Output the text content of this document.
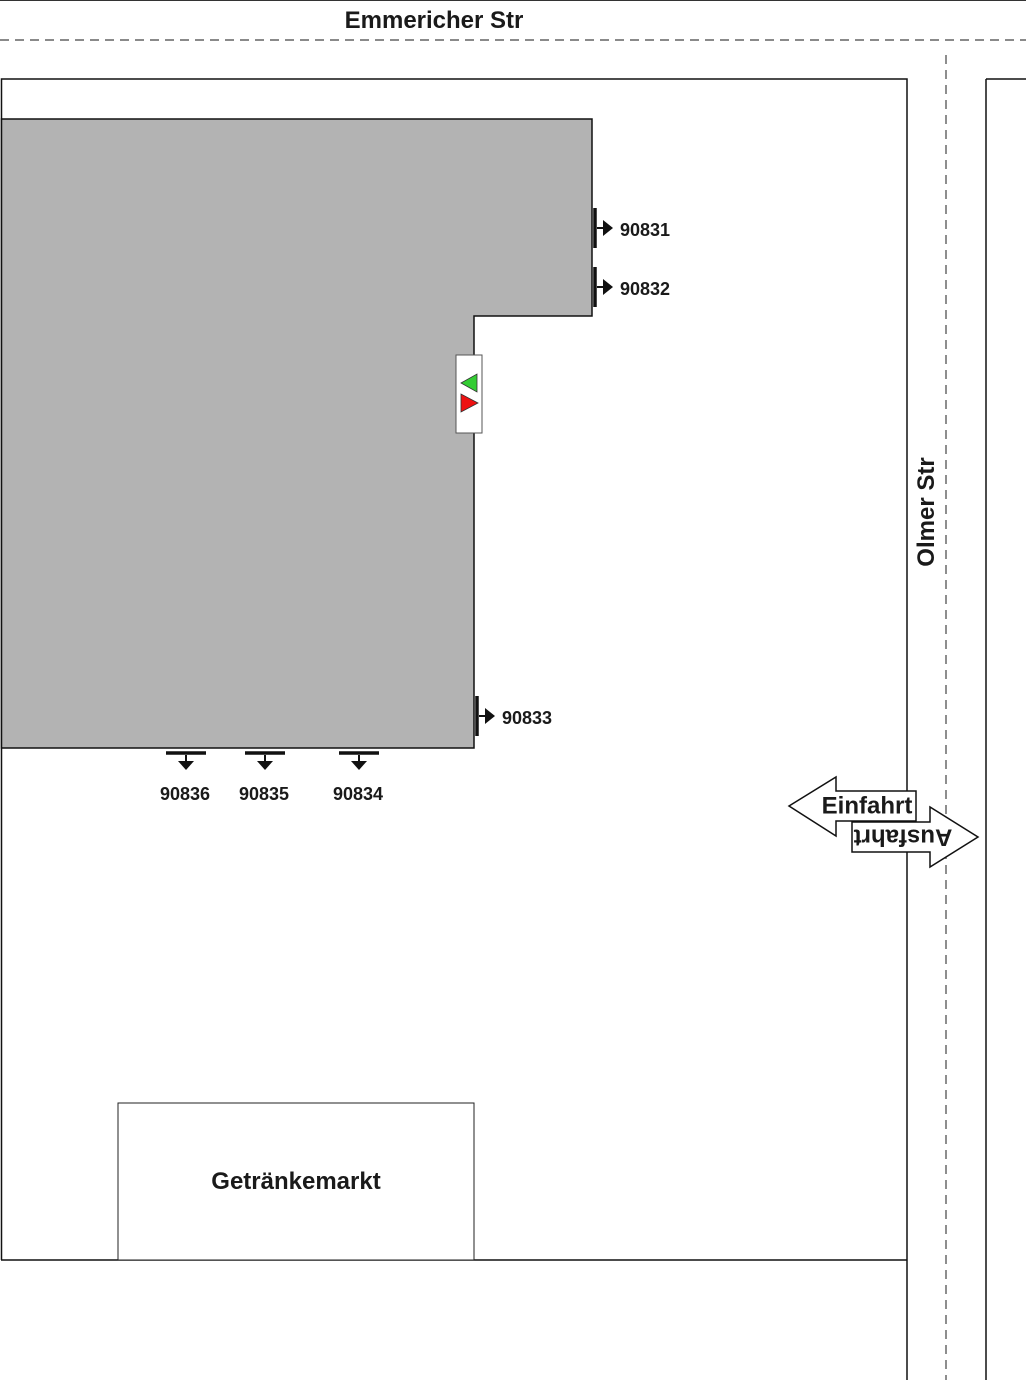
Emmericher Str
Olmer Str
90831
90832
90833
90836 90835 90834
Ausfahrt
Einfahrt
Getränkemarkt
